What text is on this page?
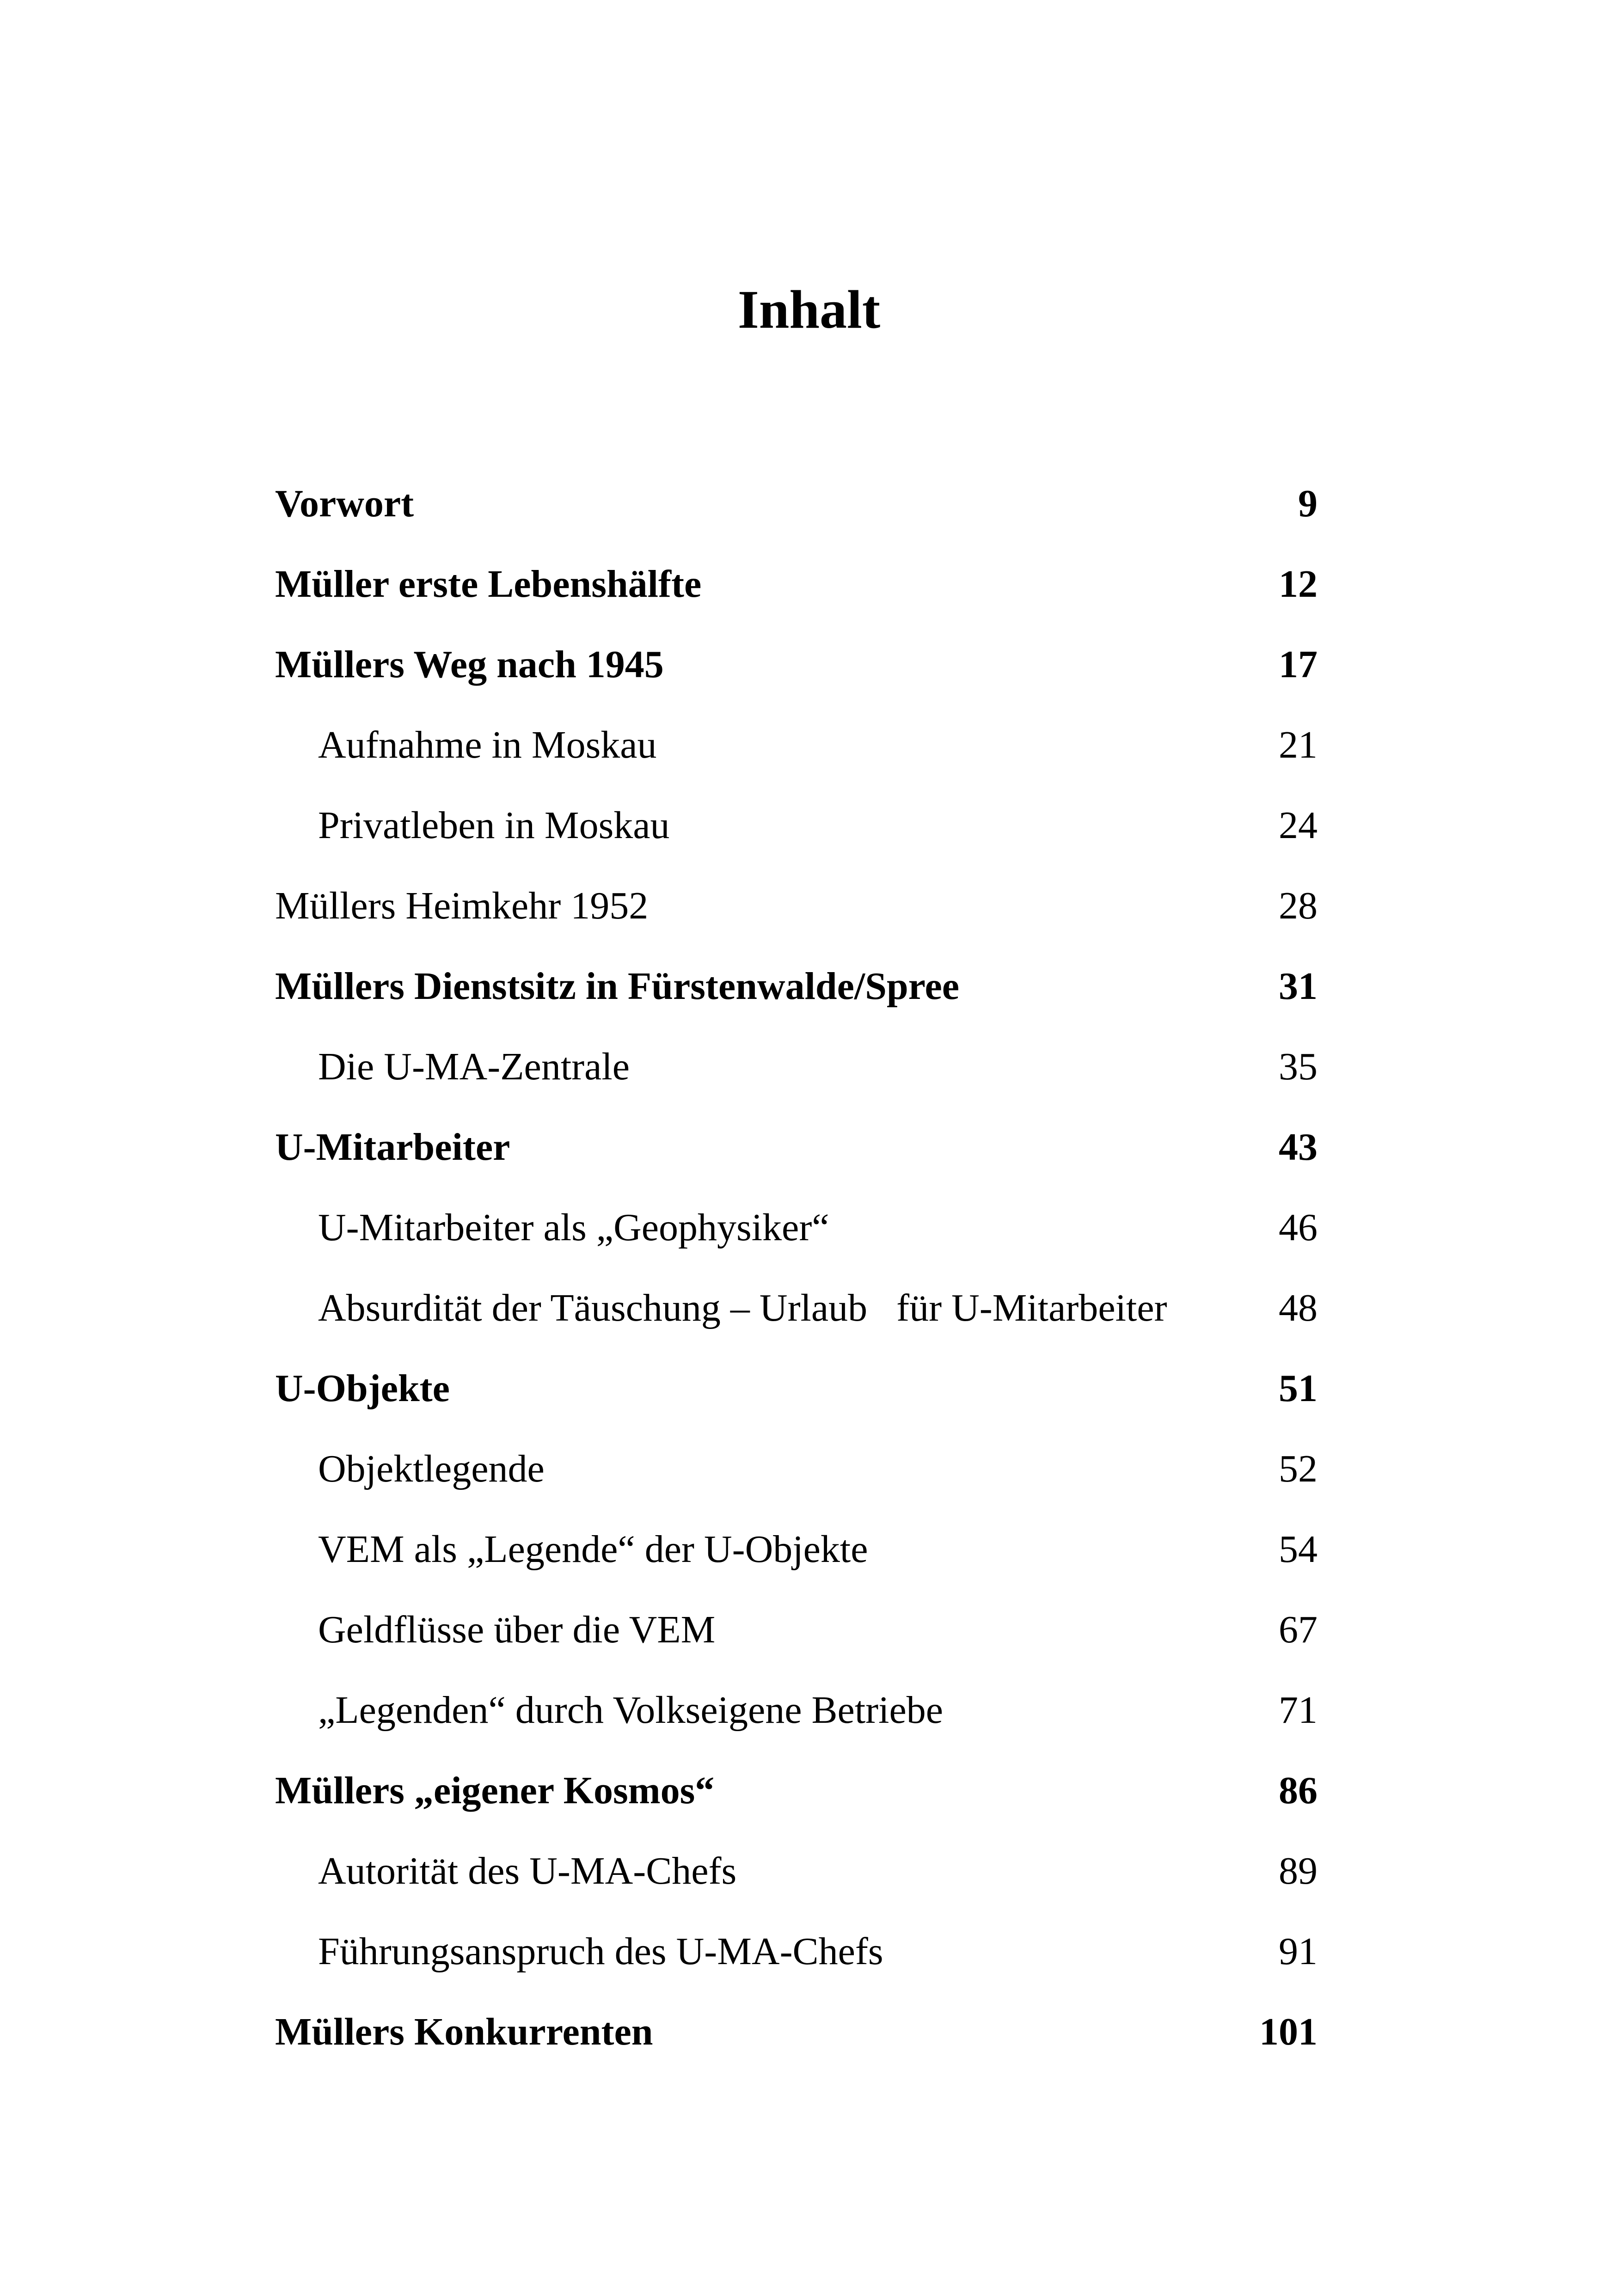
Inhalt
Vorwort	9
Müller erste Lebenshälfte	12
Müllers Weg nach 1945	17
Aufnahme in Moskau	21
Privatleben in Moskau	24
Müllers Heimkehr 1952	28
Müllers Dienstsitz in Fürstenwalde/Spree	31
Die U-MA-Zentrale	35
U-Mitarbeiter	43
U-Mitarbeiter als „Geophysiker“	46
Absurdität der Täuschung – Urlaub   für U-Mitarbeiter	48
U-Objekte	51
Objektlegende	52
VEM als „Legende“ der U-Objekte	54
Geldflüsse über die VEM	67
„Legenden“ durch Volkseigene Betriebe	71
Müllers „eigener Kosmos“	86
Autorität des U-MA-Chefs	89
Führungsanspruch des U-MA-Chefs	91
Müllers Konkurrenten	101
